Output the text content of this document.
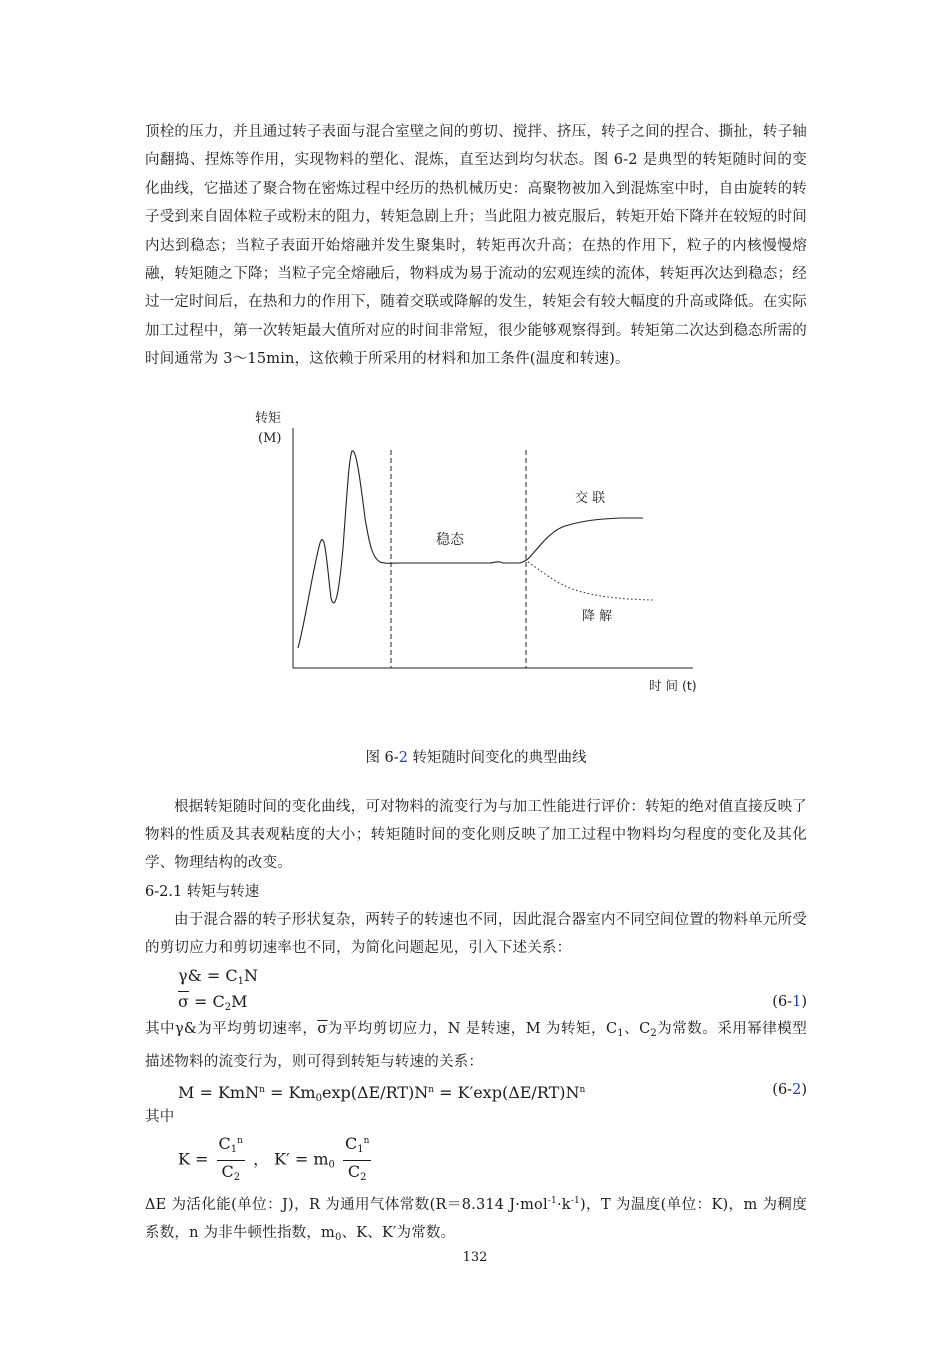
顶栓的压力，并且通过转子表面与混合室壁之间的剪切、搅拌、挤压，转子之间的捏合、撕扯，转子轴向翻捣、捏炼等作用，实现物料的塑化、混炼，直至达到均匀状态。图 6-2 是典型的转矩随时间的变化曲线，它描述了聚合物在密炼过程中经历的热机械历史：高聚物被加入到混炼室中时，自由旋转的转子受到来自固体粒子或粉末的阻力，转矩急剧上升；当此阻力被克服后，转矩开始下降并在较短的时间内达到稳态；当粒子表面开始熔融并发生聚集时，转矩再次升高；在热的作用下，粒子的内核慢慢熔融，转矩随之下降；当粒子完全熔融后，物料成为易于流动的宏观连续的流体，转矩再次达到稳态；经过一定时间后，在热和力的作用下，随着交联或降解的发生，转矩会有较大幅度的升高或降低。在实际加工过程中，第一次转矩最大值所对应的时间非常短，很少能够观察得到。转矩第二次达到稳态所需的时间通常为 3～15min，这依赖于所采用的材料和加工条件(温度和转速)。

转矩
(M)
稳态
交 联
降 解
时 间 (t)

图 6-2 转矩随时间变化的典型曲线

根据转矩随时间的变化曲线，可对物料的流变行为与加工性能进行评价：转矩的绝对值直接反映了物料的性质及其表观粘度的大小；转矩随时间的变化则反映了加工过程中物料均匀程度的变化及其化学、物理结构的改变。

6-2.1 转矩与转速

由于混合器的转子形状复杂，两转子的转速也不同，因此混合器室内不同空间位置的物料单元所受的剪切应力和剪切速率也不同，为简化问题起见，引入下述关系：

γ& = $C_1N$
$\overline{\sigma} = C_2M$	(6-1)

其中γ&为平均剪切速率，$\overline{\sigma}$为平均剪切应力，N 是转速，M 为转矩，$C_1$、$C_2$为常数。采用幂律模型描述物料的流变行为，则可得到转矩与转速的关系：

$M = KmN^n = Km_0\exp(\Delta E/RT)N^n = K'\exp(\Delta E/RT)N^n$	(6-2)

其中

$K = \frac{C_1^n}{C_2}$ ， $K' = m_0 \frac{C_1^n}{C_2}$

ΔE 为活化能(单位：J)，R 为通用气体常数(R＝8.314 $J\cdot mol^{-1}\cdot k^{-1}$)，T 为温度(单位：K)，m 为稠度系数，n 为非牛顿性指数，$m_0$、K、K′为常数。

132
